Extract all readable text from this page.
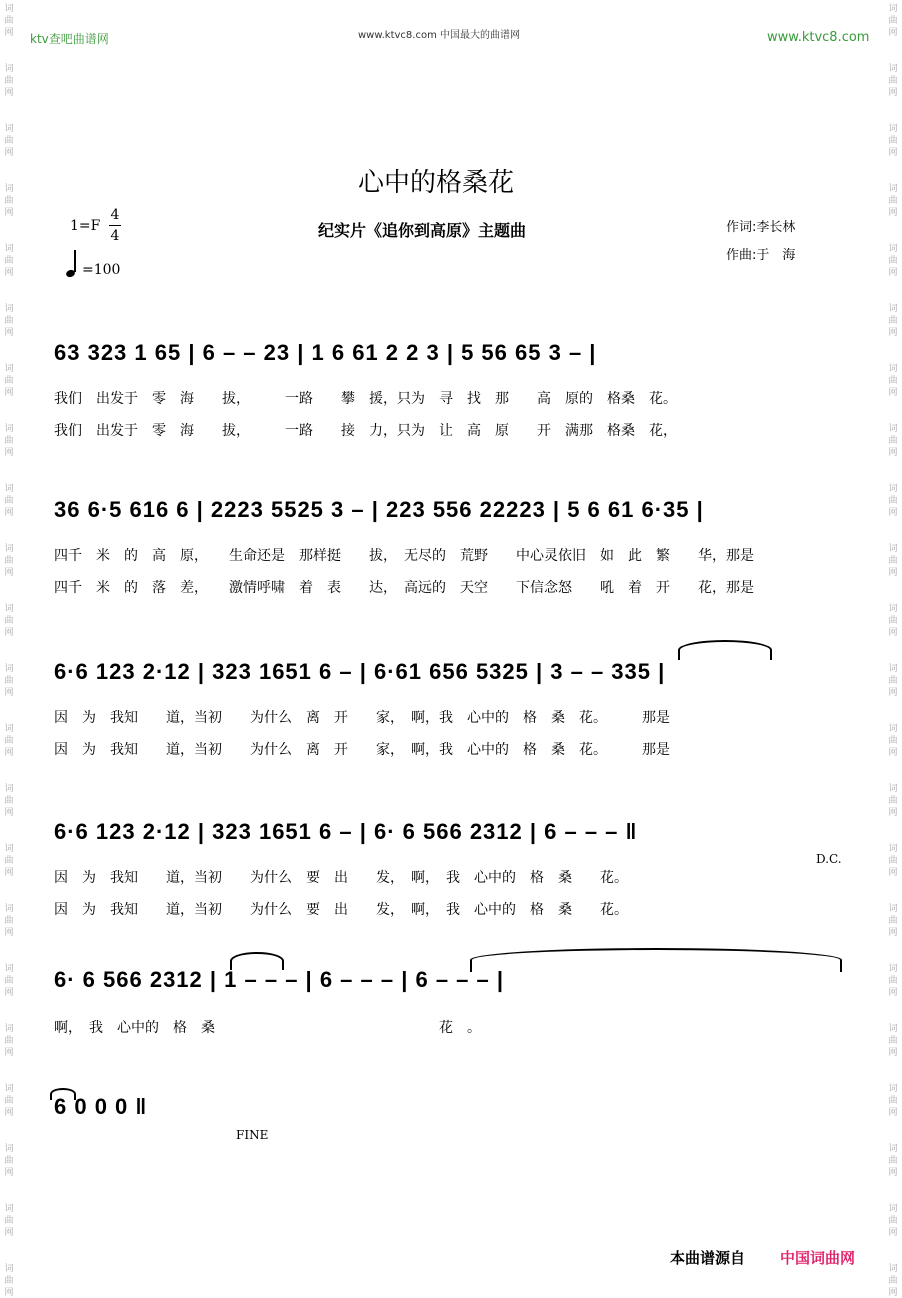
词
曲
网
词
曲
网
词
曲
网
词
曲
网
词
曲
网
词
曲
网
词
曲
网
词
曲
网
词
曲
网
词
曲
网
词
曲
网
词
曲
网
词
曲
网
词
曲
网
词
曲
网
词
曲
网
词
曲
网
词
曲
网
词
曲
网
词
曲
网
词
曲
网
词
曲
网
词
曲
网
词
曲
网
词
曲
网
词
曲
网
词
曲
网
词
曲
网
词
曲
网
词
曲
网
词
曲
网
词
曲
网
词
曲
网
词
曲
网
词
曲
网
词
曲
网
词
曲
网
词
曲
网
词
曲
网
词
曲
网
词
曲
网
词
曲
网
词
曲
网
词
曲
网
ktv查吧曲谱网	www.ktvc8.com 中国最大的曲谱网	www.ktvc8.com
心中的格桑花
纪实片《追你到高原》主题曲	作词:李长林
作曲:于　海
1=F
4
4
=100
63 323 1 65 | 6 – – 23 | 1 6 61 2 2 3 | 5 56 65 3 – |
我们　出发于　零　海　　拔，　　　一路　　攀　援，只为　寻　找　那　　高　原的　格桑　花。
我们　出发于　零　海　　拔，　　　一路　　接　力，只为　让　高　原　　开　满那　格桑　花，
36 6·5 616 6 | 2223 5525 3 – | 223 556 22223 | 5 6 61 6·35 |
四千　米　的　高　原，　　生命还是　那样挺　　拔，　无尽的　荒野　　中心灵依旧　如　此　繁　　华，那是
四千　米　的　落　差，　　激情呼啸　着　表　　达，　高远的　天空　　下信念怒　　吼　着　开　　花，那是
6·6 123 2·12 | 323 1651 6 – | 6·61 656 5325 | 3 – – 335 |
因　为　我知　　道，当初　　为什么　离　开　　家，　啊，我　心中的　格　桑　花。　　　那是
因　为　我知　　道，当初　　为什么　离　开　　家，　啊，我　心中的　格　桑　花。　　　那是
6·6 123 2·12 | 323 1651 6 – | 6· 6 566 2312 | 6 – – – ‖
D.C.
因　为　我知　　道，当初　　为什么　要　出　　发，　啊，　我　心中的　格　桑　　花。
因　为　我知　　道，当初　　为什么　要　出　　发，　啊，　我　心中的　格　桑　　花。
6· 6 566 2312 | 1 – – – | 6 – – – | 6 – – – |
啊，　我　心中的　格　桑　　　　　　　　　　　　　　　　花　。
6 0 0 0 ‖
FINE
本曲谱源自 中国词曲网
